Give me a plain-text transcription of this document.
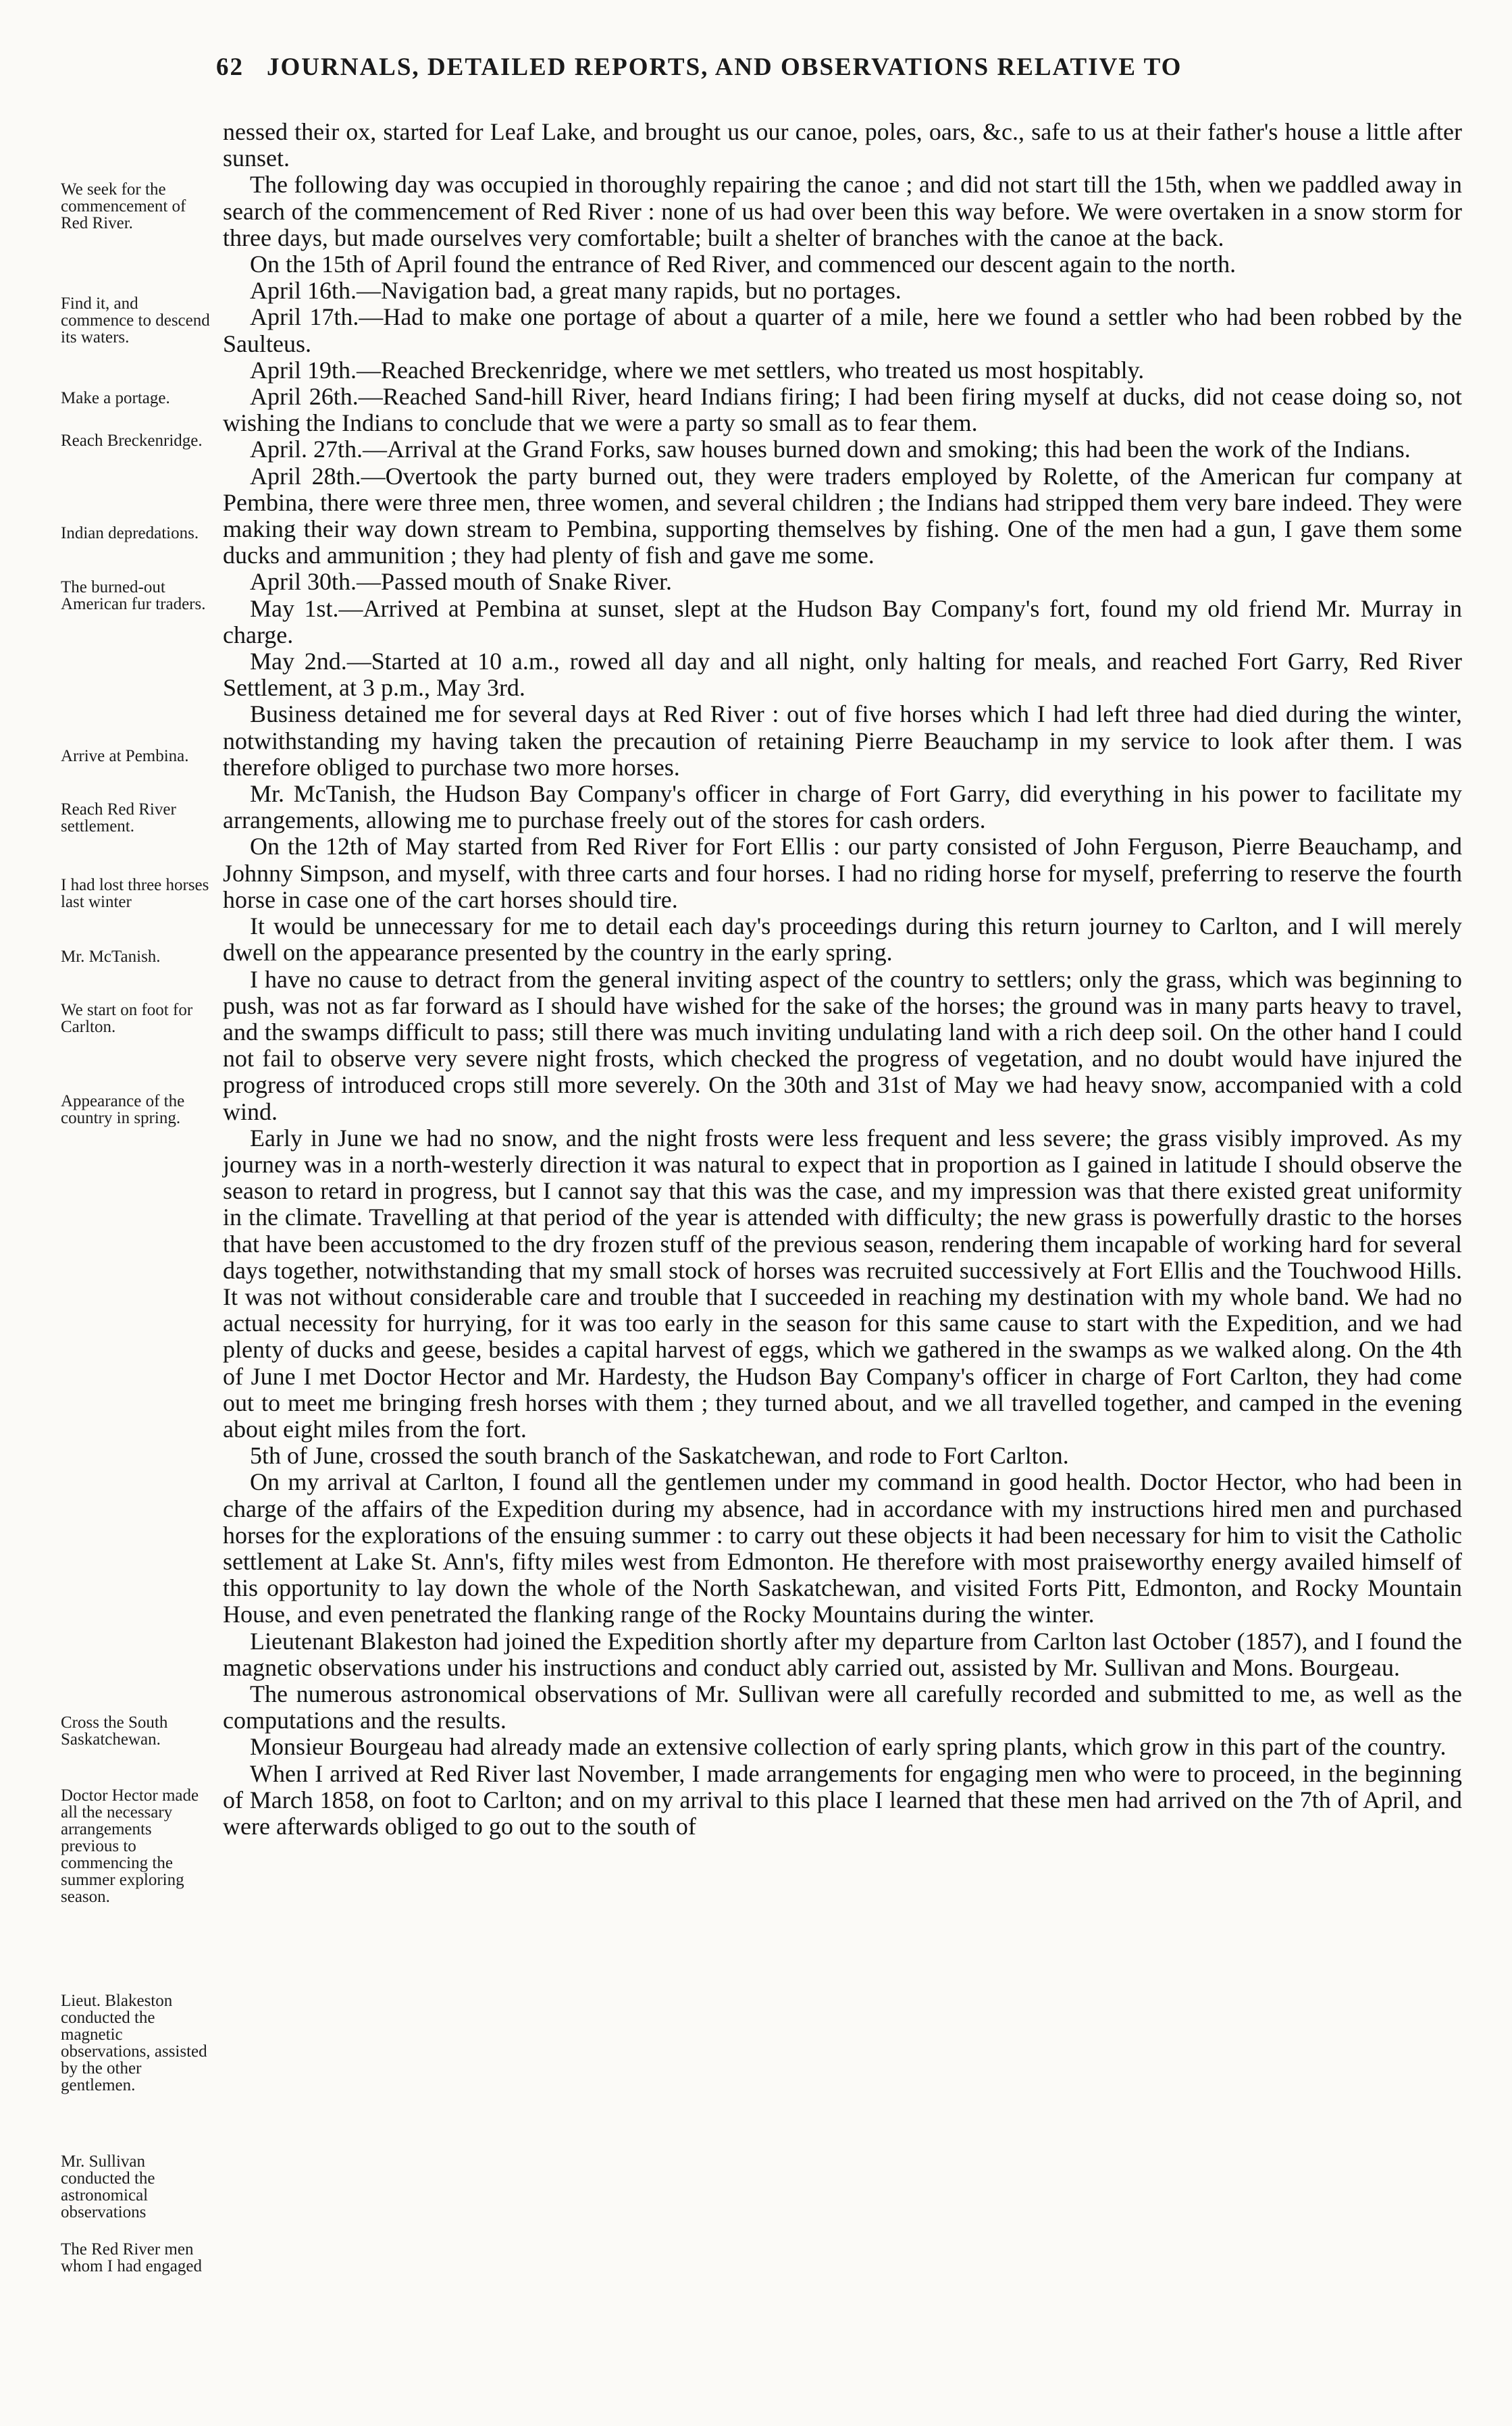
62 JOURNALS, DETAILED REPORTS, AND OBSERVATIONS RELATIVE TO

We seek for the commencement of Red River.

Find it, and commence to descend its waters.

Make a portage.

Reach Breckenridge.

Indian depredations.

The burned-out American fur traders.

Arrive at Pembina.

Reach Red River settlement.

I had lost three horses last winter

Mr. McTanish.

We start on foot for Carlton.

Appearance of the country in spring.

Cross the South Saskatchewan.

Doctor Hector made all the necessary arrangements previous to commencing the summer exploring season.

Lieut. Blakeston conducted the magnetic observations, assisted by the other gentlemen.

Mr. Sullivan conducted the astronomical observations

The Red River men whom I had engaged

nessed their ox, started for Leaf Lake, and brought us our canoe, poles, oars, &c., safe to us at their father's house a little after sunset.

The following day was occupied in thoroughly repairing the canoe ; and did not start till the 15th, when we paddled away in search of the commencement of Red River : none of us had over been this way before. We were overtaken in a snow storm for three days, but made ourselves very comfortable; built a shelter of branches with the canoe at the back.

On the 15th of April found the entrance of Red River, and commenced our descent again to the north.

April 16th.—Navigation bad, a great many rapids, but no portages.

April 17th.—Had to make one portage of about a quarter of a mile, here we found a settler who had been robbed by the Saulteus.

April 19th.—Reached Breckenridge, where we met settlers, who treated us most hospitably.

April 26th.—Reached Sand-hill River, heard Indians firing; I had been firing myself at ducks, did not cease doing so, not wishing the Indians to conclude that we were a party so small as to fear them.

April. 27th.—Arrival at the Grand Forks, saw houses burned down and smoking; this had been the work of the Indians.

April 28th.—Overtook the party burned out, they were traders employed by Rolette, of the American fur company at Pembina, there were three men, three women, and several children ; the Indians had stripped them very bare indeed. They were making their way down stream to Pembina, supporting themselves by fishing. One of the men had a gun, I gave them some ducks and ammunition ; they had plenty of fish and gave me some.

April 30th.—Passed mouth of Snake River.

May 1st.—Arrived at Pembina at sunset, slept at the Hudson Bay Company's fort, found my old friend Mr. Murray in charge.

May 2nd.—Started at 10 a.m., rowed all day and all night, only halting for meals, and reached Fort Garry, Red River Settlement, at 3 p.m., May 3rd.

Business detained me for several days at Red River : out of five horses which I had left three had died during the winter, notwithstanding my having taken the precaution of retaining Pierre Beauchamp in my service to look after them. I was therefore obliged to purchase two more horses.

Mr. McTanish, the Hudson Bay Company's officer in charge of Fort Garry, did everything in his power to facilitate my arrangements, allowing me to purchase freely out of the stores for cash orders.

On the 12th of May started from Red River for Fort Ellis : our party consisted of John Ferguson, Pierre Beauchamp, and Johnny Simpson, and myself, with three carts and four horses. I had no riding horse for myself, preferring to reserve the fourth horse in case one of the cart horses should tire.

It would be unnecessary for me to detail each day's proceedings during this return journey to Carlton, and I will merely dwell on the appearance presented by the country in the early spring.

I have no cause to detract from the general inviting aspect of the country to settlers; only the grass, which was beginning to push, was not as far forward as I should have wished for the sake of the horses; the ground was in many parts heavy to travel, and the swamps difficult to pass; still there was much inviting undulating land with a rich deep soil. On the other hand I could not fail to observe very severe night frosts, which checked the progress of vegetation, and no doubt would have injured the progress of introduced crops still more severely. On the 30th and 31st of May we had heavy snow, accompanied with a cold wind.

Early in June we had no snow, and the night frosts were less frequent and less severe; the grass visibly improved. As my journey was in a north-westerly direction it was natural to expect that in proportion as I gained in latitude I should observe the season to retard in progress, but I cannot say that this was the case, and my impression was that there existed great uniformity in the climate. Travelling at that period of the year is attended with difficulty; the new grass is powerfully drastic to the horses that have been accustomed to the dry frozen stuff of the previous season, rendering them incapable of working hard for several days together, notwithstanding that my small stock of horses was recruited successively at Fort Ellis and the Touchwood Hills. It was not without considerable care and trouble that I succeeded in reaching my destination with my whole band. We had no actual necessity for hurrying, for it was too early in the season for this same cause to start with the Expedition, and we had plenty of ducks and geese, besides a capital harvest of eggs, which we gathered in the swamps as we walked along. On the 4th of June I met Doctor Hector and Mr. Hardesty, the Hudson Bay Company's officer in charge of Fort Carlton, they had come out to meet me bringing fresh horses with them ; they turned about, and we all travelled together, and camped in the evening about eight miles from the fort.

5th of June, crossed the south branch of the Saskatchewan, and rode to Fort Carlton.

On my arrival at Carlton, I found all the gentlemen under my command in good health. Doctor Hector, who had been in charge of the affairs of the Expedition during my absence, had in accordance with my instructions hired men and purchased horses for the explorations of the ensuing summer : to carry out these objects it had been necessary for him to visit the Catholic settlement at Lake St. Ann's, fifty miles west from Edmonton. He therefore with most praiseworthy energy availed himself of this opportunity to lay down the whole of the North Saskatchewan, and visited Forts Pitt, Edmonton, and Rocky Mountain House, and even penetrated the flanking range of the Rocky Mountains during the winter.

Lieutenant Blakeston had joined the Expedition shortly after my departure from Carlton last October (1857), and I found the magnetic observations under his instructions and conduct ably carried out, assisted by Mr. Sullivan and Mons. Bourgeau.

The numerous astronomical observations of Mr. Sullivan were all carefully recorded and submitted to me, as well as the computations and the results.

Monsieur Bourgeau had already made an extensive collection of early spring plants, which grow in this part of the country.

When I arrived at Red River last November, I made arrangements for engaging men who were to proceed, in the beginning of March 1858, on foot to Carlton; and on my arrival to this place I learned that these men had arrived on the 7th of April, and were afterwards obliged to go out to the south of
